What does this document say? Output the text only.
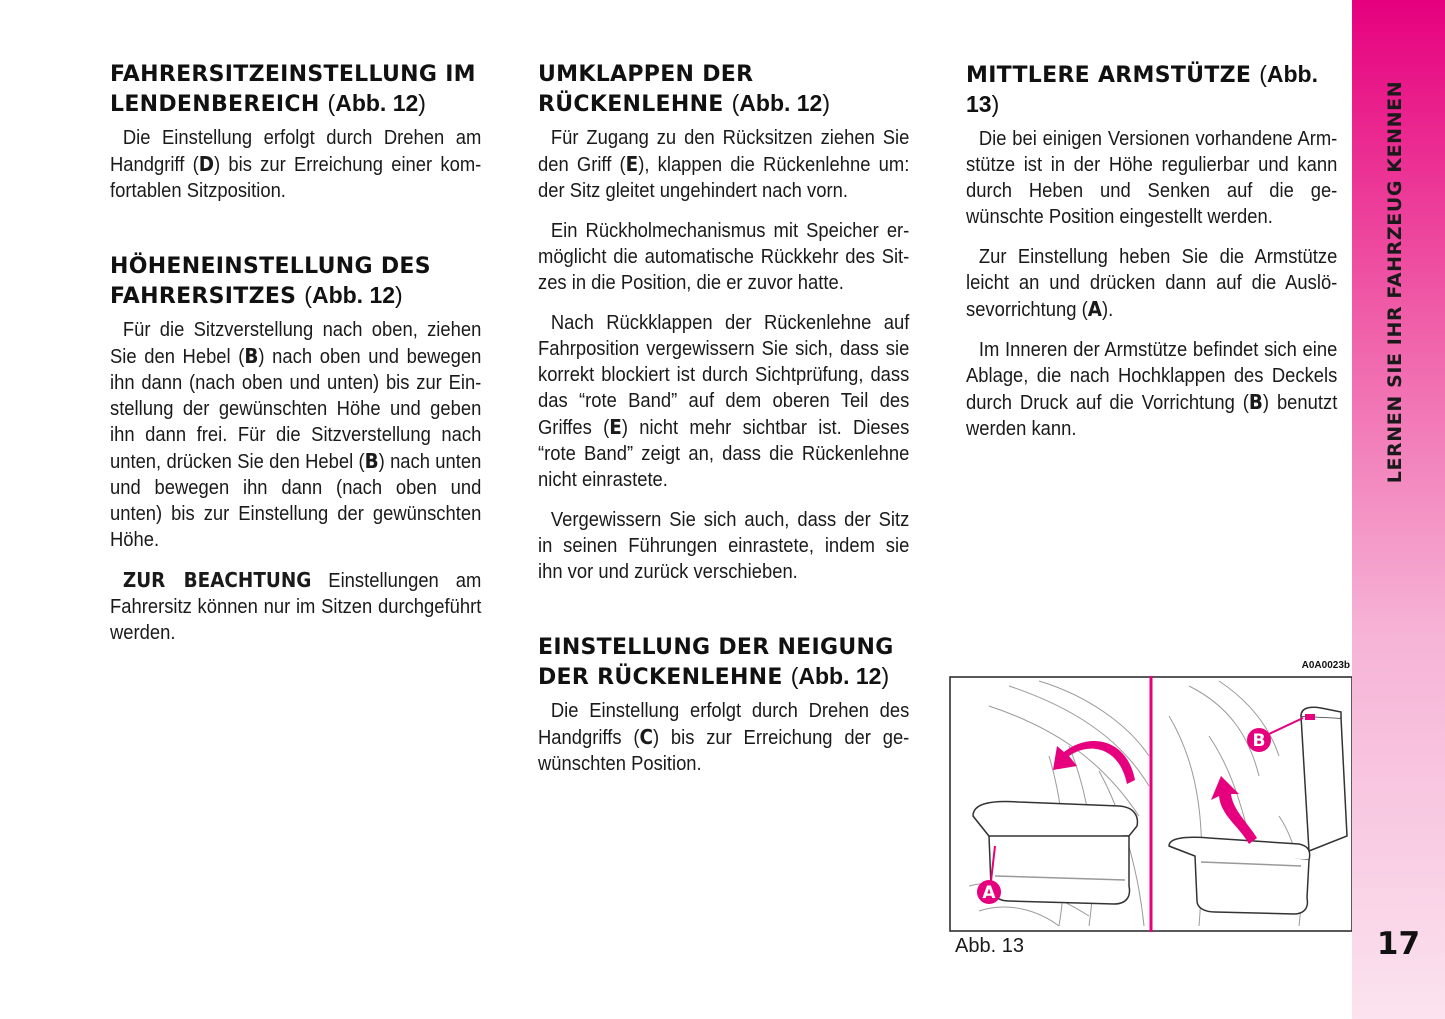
FAHRERSITZEINSTELLUNG IM LENDENBEREICH (Abb. 12)

Die Einstellung erfolgt durch Drehen am Handgriff (D) bis zur Erreichung einer komfortablen Sitzposition.

HÖHENEINSTELLUNG DES FAHRERSITZES (Abb. 12)

Für die Sitzverstellung nach oben, ziehen Sie den Hebel (B) nach oben und bewegen ihn dann (nach oben und unten) bis zur Einstellung der gewünschten Höhe und geben ihn dann frei. Für die Sitzverstellung nach unten, drücken Sie den Hebel (B) nach unten und bewegen ihn dann (nach oben und unten) bis zur Einstellung der gewünschten Höhe.

ZUR BEACHTUNG Einstellungen am Fahrersitz können nur im Sitzen durchgeführt werden.

UMKLAPPEN DER RÜCKENLEHNE (Abb. 12)

Für Zugang zu den Rücksitzen ziehen Sie den Griff (E), klappen die Rückenlehne um: der Sitz gleitet ungehindert nach vorn.

Ein Rückholmechanismus mit Speicher ermöglicht die automatische Rückkehr des Sitzes in die Position, die er zuvor hatte.

Nach Rückklappen der Rückenlehne auf Fahrposition vergewissern Sie sich, dass sie korrekt blockiert ist durch Sichtprüfung, dass das “rote Band” auf dem oberen Teil des Griffes (E) nicht mehr sichtbar ist. Dieses “rote Band” zeigt an, dass die Rückenlehne nicht einrastete.

Vergewissern Sie sich auch, dass der Sitz in seinen Führungen einrastete, indem sie ihn vor und zurück verschieben.

EINSTELLUNG DER NEIGUNG DER RÜCKENLEHNE (Abb. 12)

Die Einstellung erfolgt durch Drehen des Handgriffs (C) bis zur Erreichung der gewünschten Position.

MITTLERE ARMSTÜTZE (Abb. 13)

Die bei einigen Versionen vorhandene Armstütze ist in der Höhe regulierbar und kann durch Heben und Senken auf die gewünschte Position eingestellt werden.

Zur Einstellung heben Sie die Armstütze leicht an und drücken dann auf die Auslösevorrichtung (A).

Im Inneren der Armstütze befindet sich eine Ablage, die nach Hochklappen des Deckels durch Druck auf die Vorrichtung (B) benutzt werden kann.

A0A0023b
A
B
Abb. 13
LERNEN SIE IHR FAHRZEUG KENNEN
17
